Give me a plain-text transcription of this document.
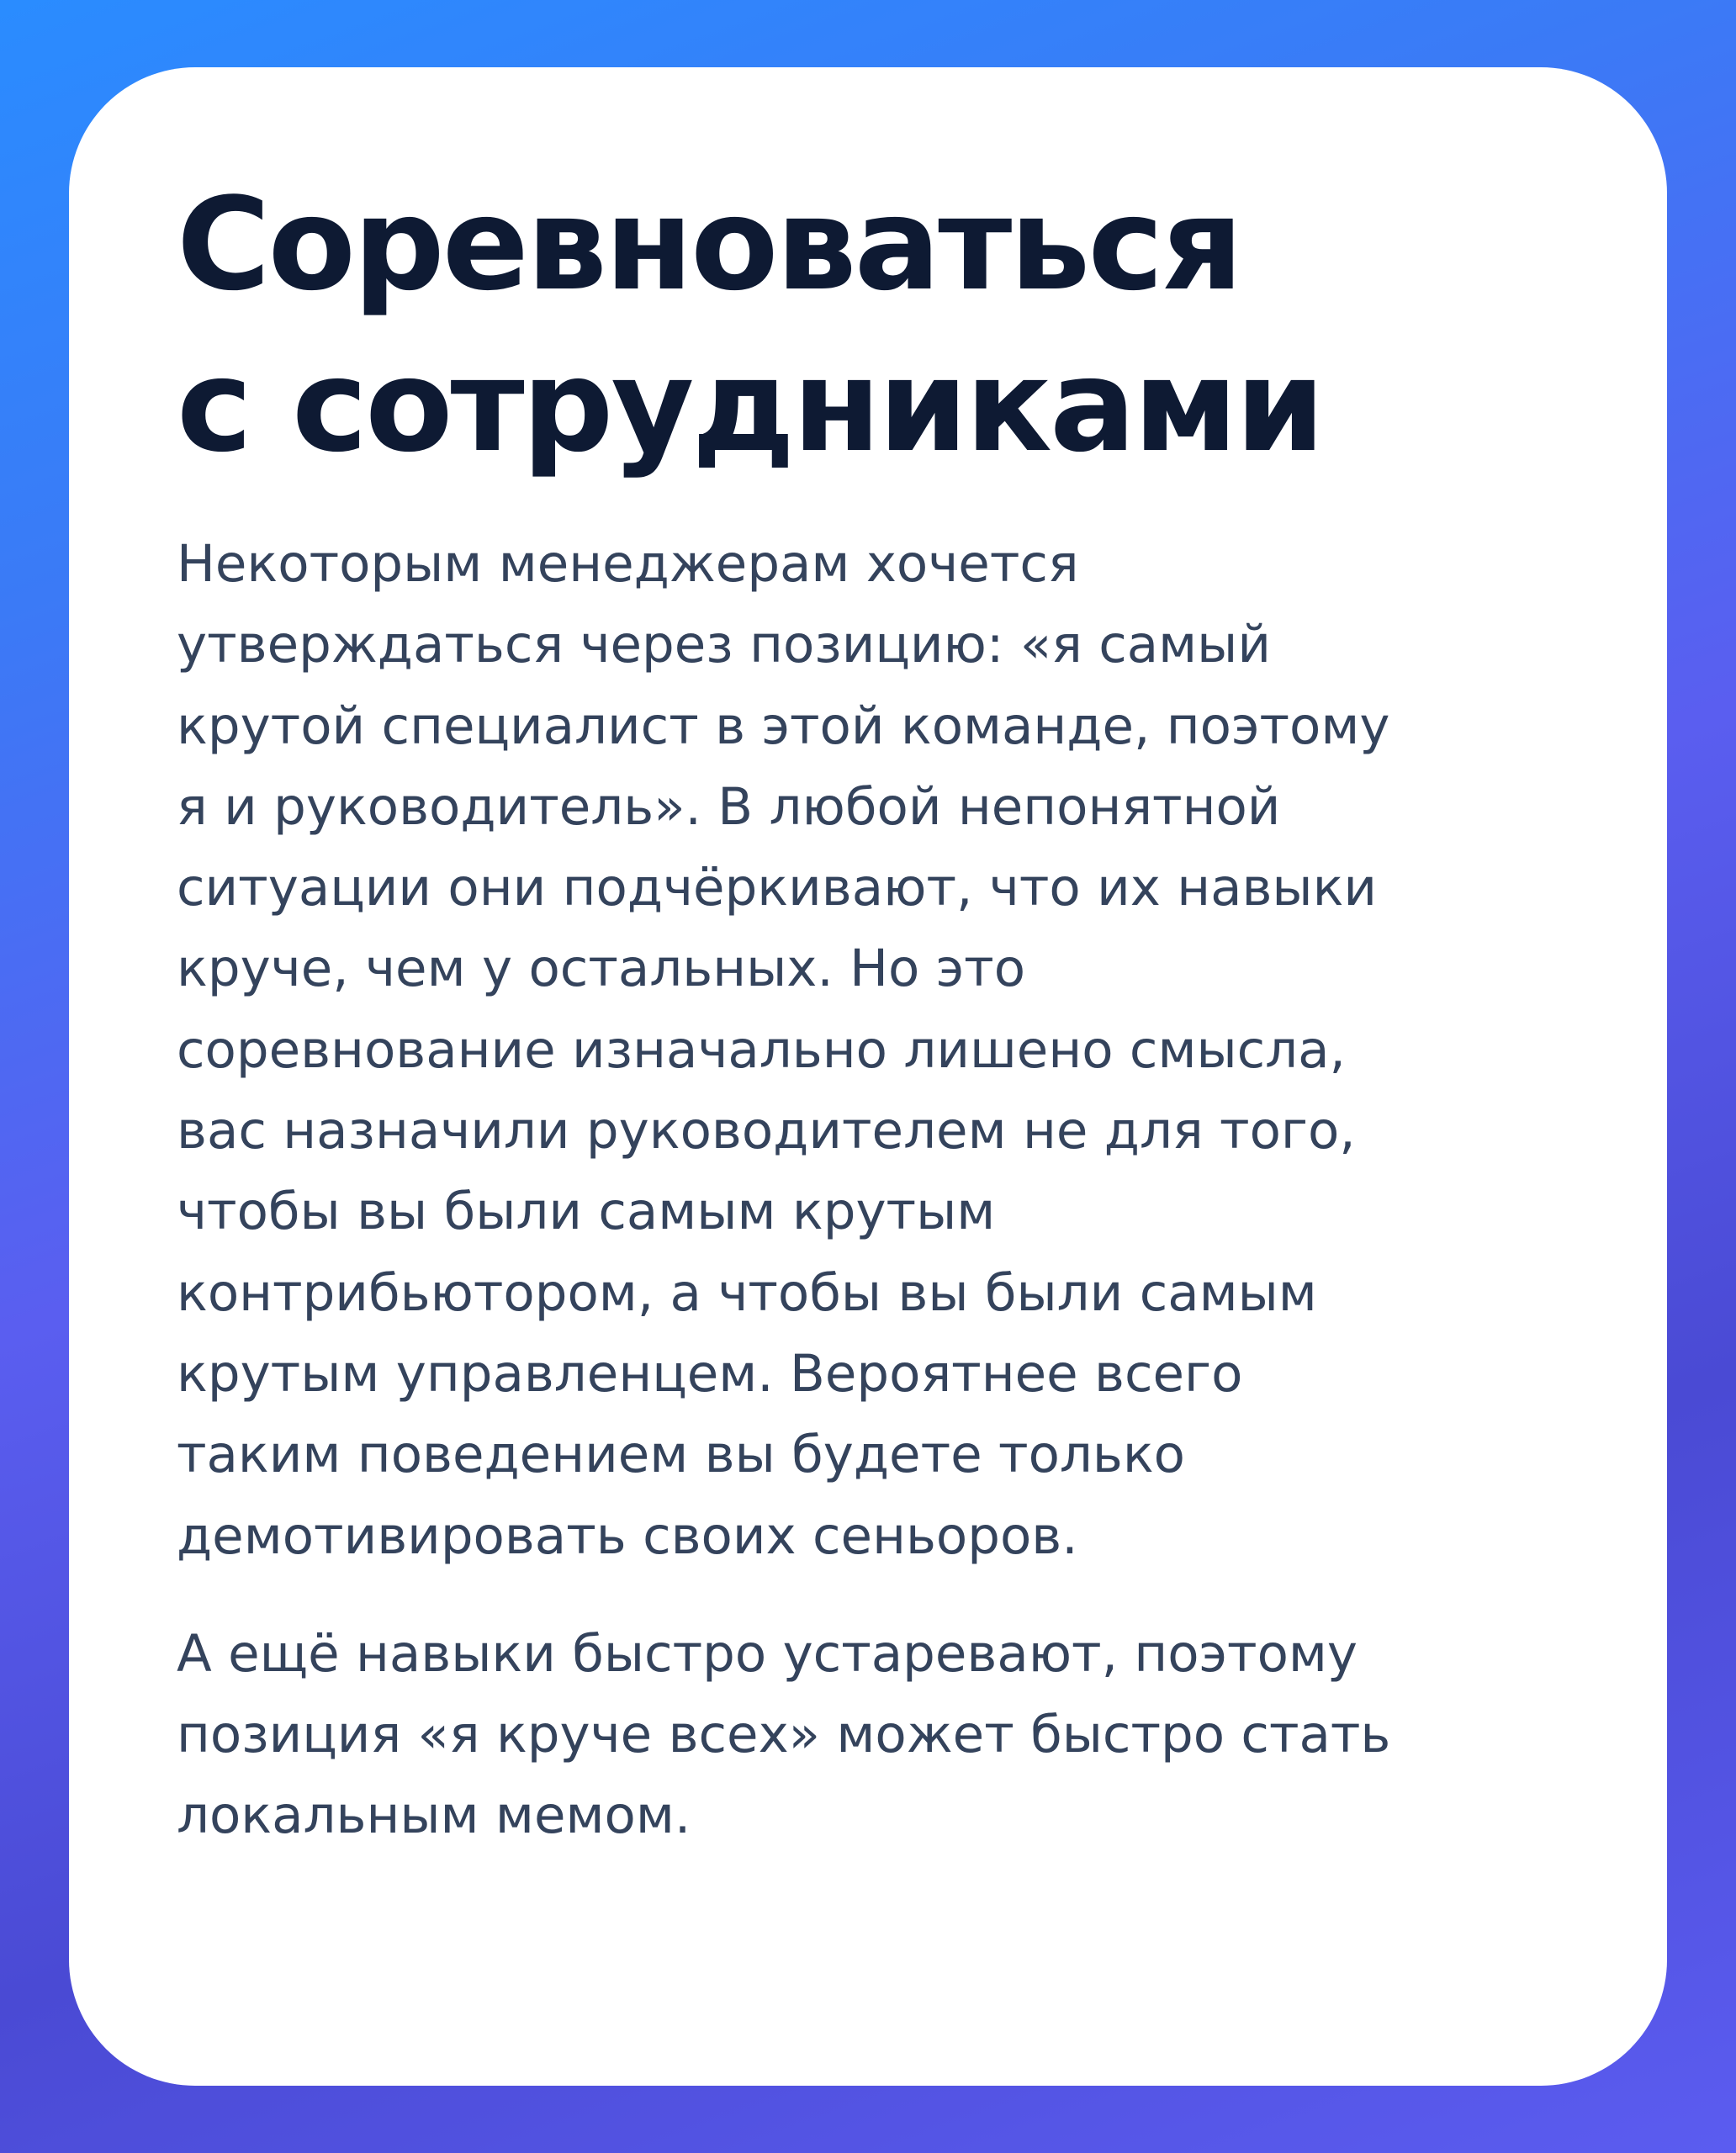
Соревноваться
с сотрудниками

Некоторым менеджерам хочется
утверждаться через позицию: «я самый
крутой специалист в этой команде, поэтому
я и руководитель». В любой непонятной
ситуации они подчёркивают, что их навыки
круче, чем у остальных. Но это
соревнование изначально лишено смысла,
вас назначили руководителем не для того,
чтобы вы были самым крутым
контрибьютором, а чтобы вы были самым
крутым управленцем. Вероятнее всего
таким поведением вы будете только
демотивировать своих сеньоров.

А ещё навыки быстро устаревают, поэтому
позиция «я круче всех» может быстро стать
локальным мемом.
